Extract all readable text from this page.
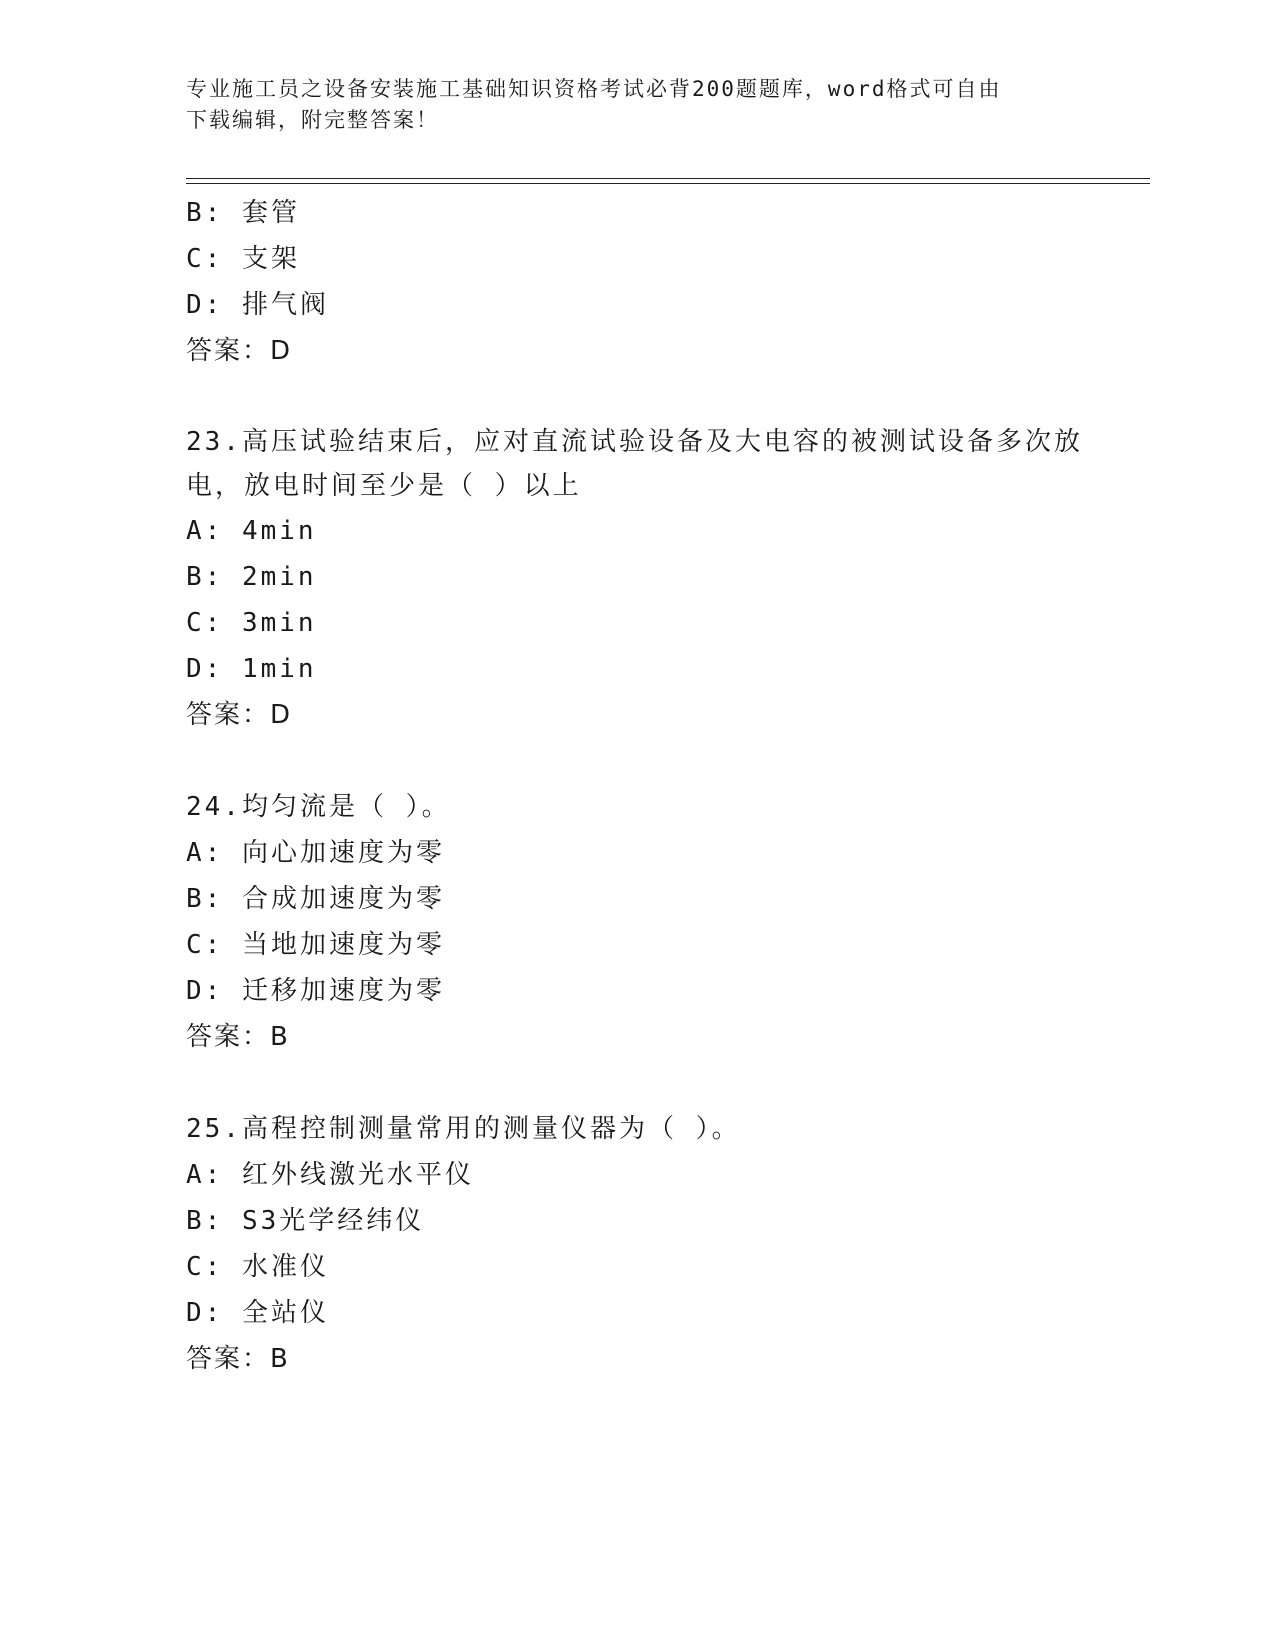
专业施工员之设备安装施工基础知识资格考试必背200题题库，word格式可自由
下载编辑，附完整答案！
B: 套管
C: 支架
D: 排气阀
答案：D
23.高压试验结束后，应对直流试验设备及大电容的被测试设备多次放
电，放电时间至少是（ ）以上
A: 4min
B: 2min
C: 3min
D: 1min
答案：D
24.均匀流是（ ）。
A: 向心加速度为零
B: 合成加速度为零
C: 当地加速度为零
D: 迁移加速度为零
答案：B
25.高程控制测量常用的测量仪器为（ ）。
A: 红外线激光水平仪
B: S3光学经纬仪
C: 水准仪
D: 全站仪
答案：B
